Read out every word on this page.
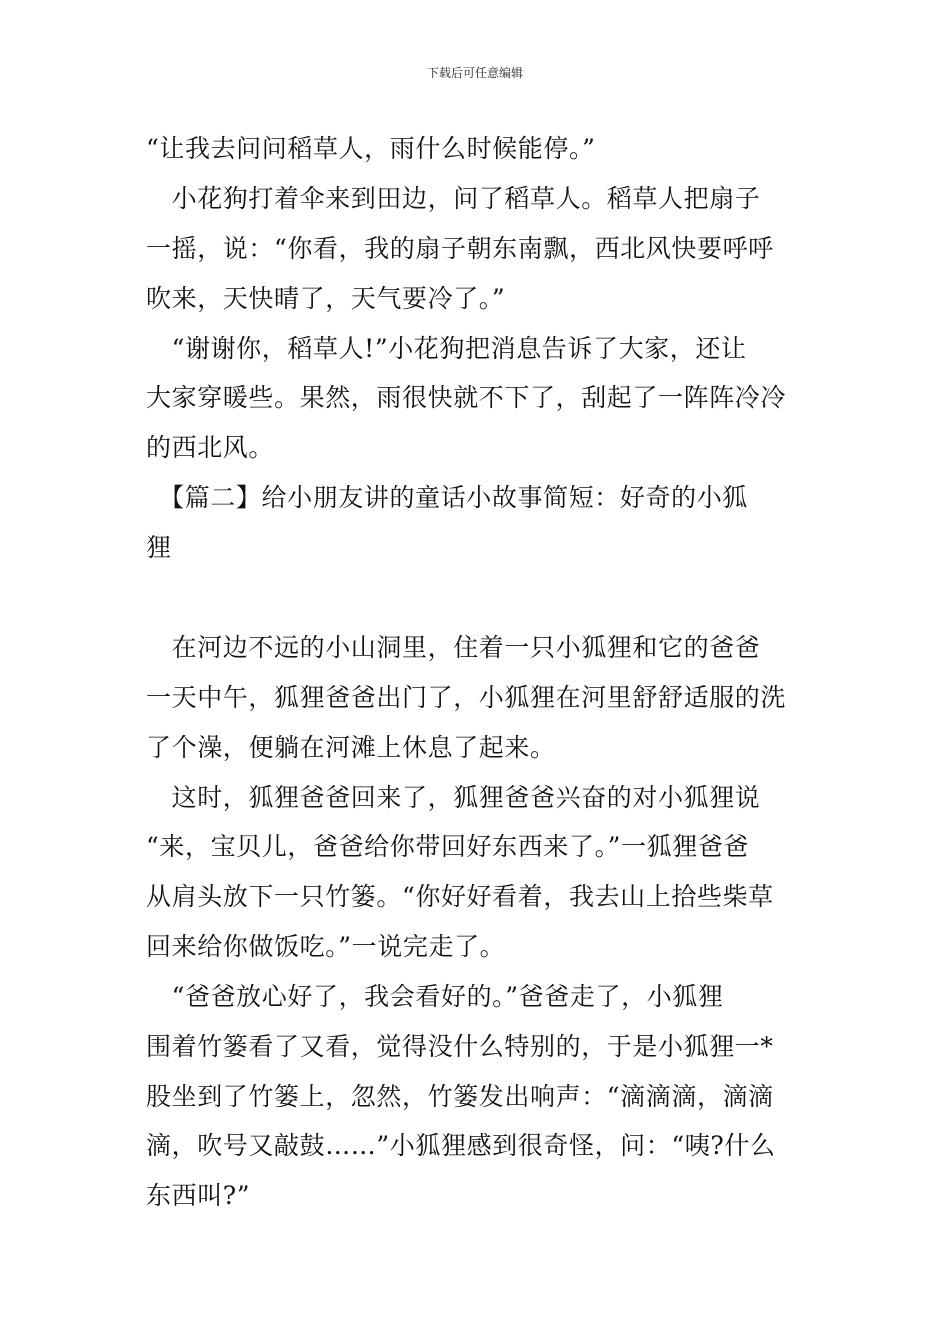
下载后可任意编辑
“让我去问问稻草人，雨什么时候能停。”
　小花狗打着伞来到田边，问了稻草人。稻草人把扇子
一摇，说：“你看，我的扇子朝东南飘，西北风快要呼呼
吹来，天快晴了，天气要冷了。”
　“谢谢你，稻草人!”小花狗把消息告诉了大家，还让
大家穿暖些。果然，雨很快就不下了，刮起了一阵阵冷冷
的西北风。
　【篇二】给小朋友讲的童话小故事简短：好奇的小狐
狸
　在河边不远的小山洞里，住着一只小狐狸和它的爸爸
一天中午，狐狸爸爸出门了，小狐狸在河里舒舒适服的洗
了个澡，便躺在河滩上休息了起来。
　这时，狐狸爸爸回来了，狐狸爸爸兴奋的对小狐狸说
“来，宝贝儿，爸爸给你带回好东西来了。”一狐狸爸爸
从肩头放下一只竹篓。“你好好看着，我去山上拾些柴草
回来给你做饭吃。”一说完走了。
　“爸爸放心好了，我会看好的。”爸爸走了，小狐狸
围着竹篓看了又看，觉得没什么特别的，于是小狐狸一*
股坐到了竹篓上，忽然，竹篓发出响声：“滴滴滴，滴滴
滴，吹号又敲鼓……”小狐狸感到很奇怪，问：“咦?什么
东西叫?”
